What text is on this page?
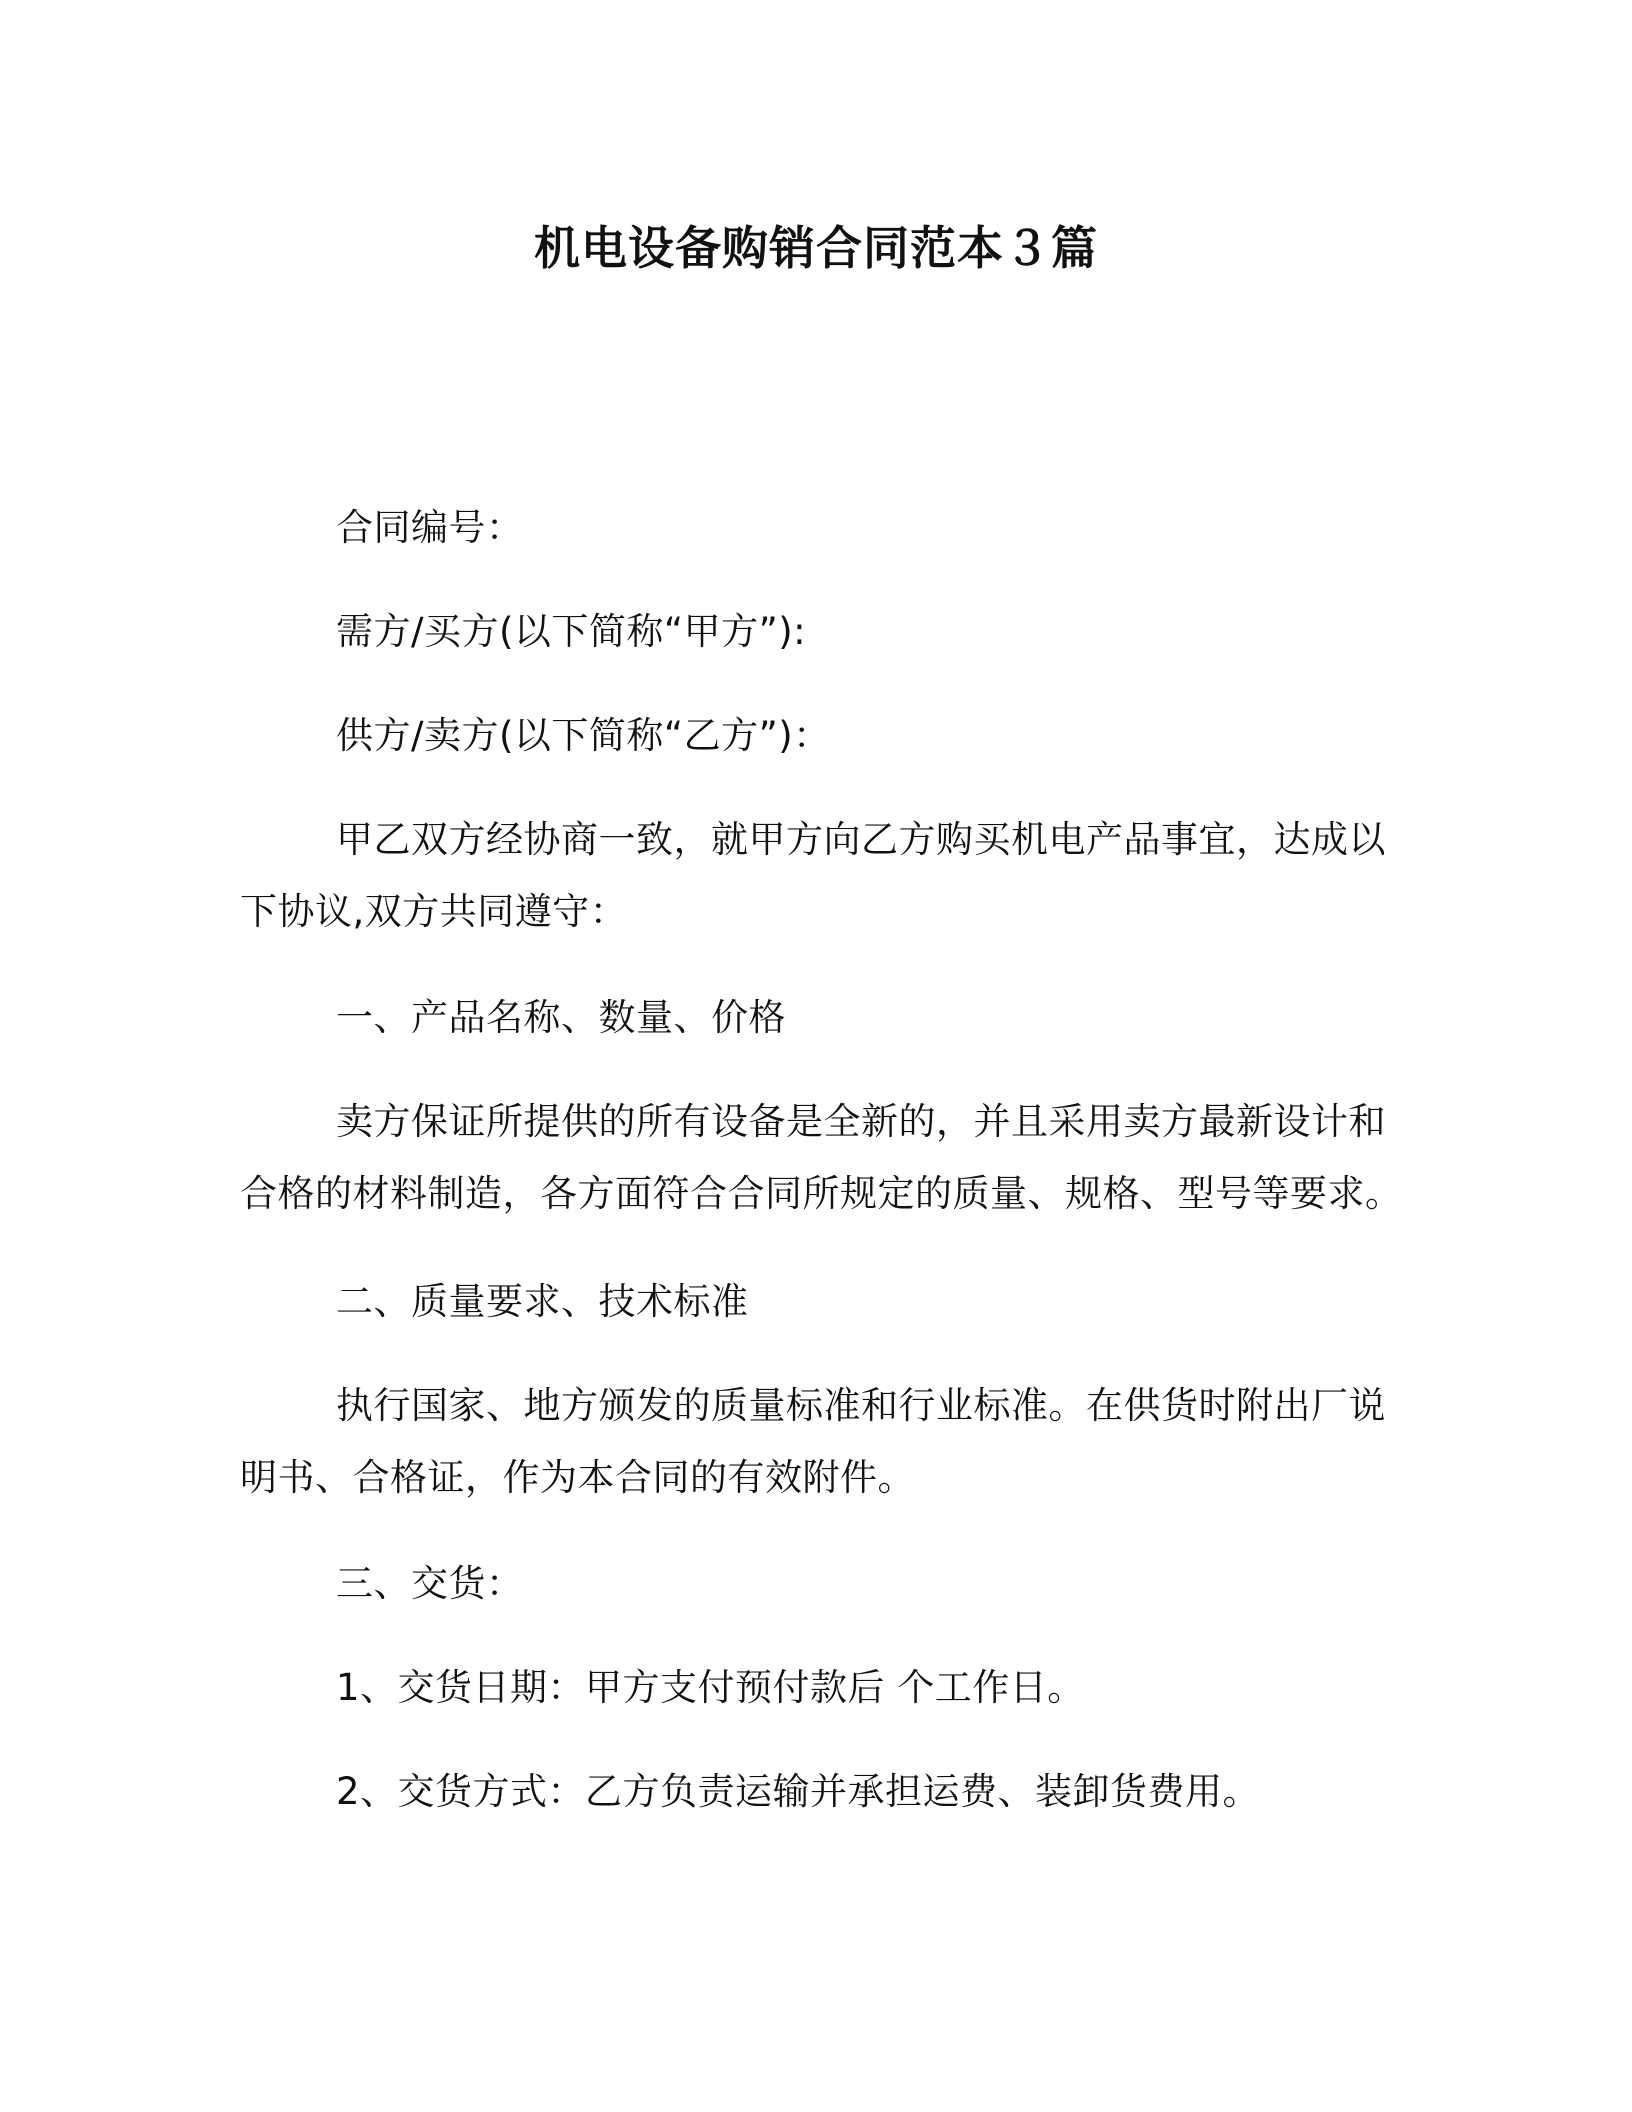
机电设备购销合同范本３篇
合同编号：
需方/买方(以下简称“甲方”):
供方/卖方(以下简称“乙方”)：
甲乙双方经协商一致，就甲方向乙方购买机电产品事宜，达成以
下协议,双方共同遵守：
一、产品名称、数量、价格
卖方保证所提供的所有设备是全新的，并且采用卖方最新设计和
合格的材料制造，各方面符合合同所规定的质量、规格、型号等要求。
二、质量要求、技术标准
执行国家、地方颁发的质量标准和行业标准。在供货时附出厂说
明书、合格证，作为本合同的有效附件。
三、交货：
1、交货日期：甲方支付预付款后 个工作日。
2、交货方式：乙方负责运输并承担运费、装卸货费用。
